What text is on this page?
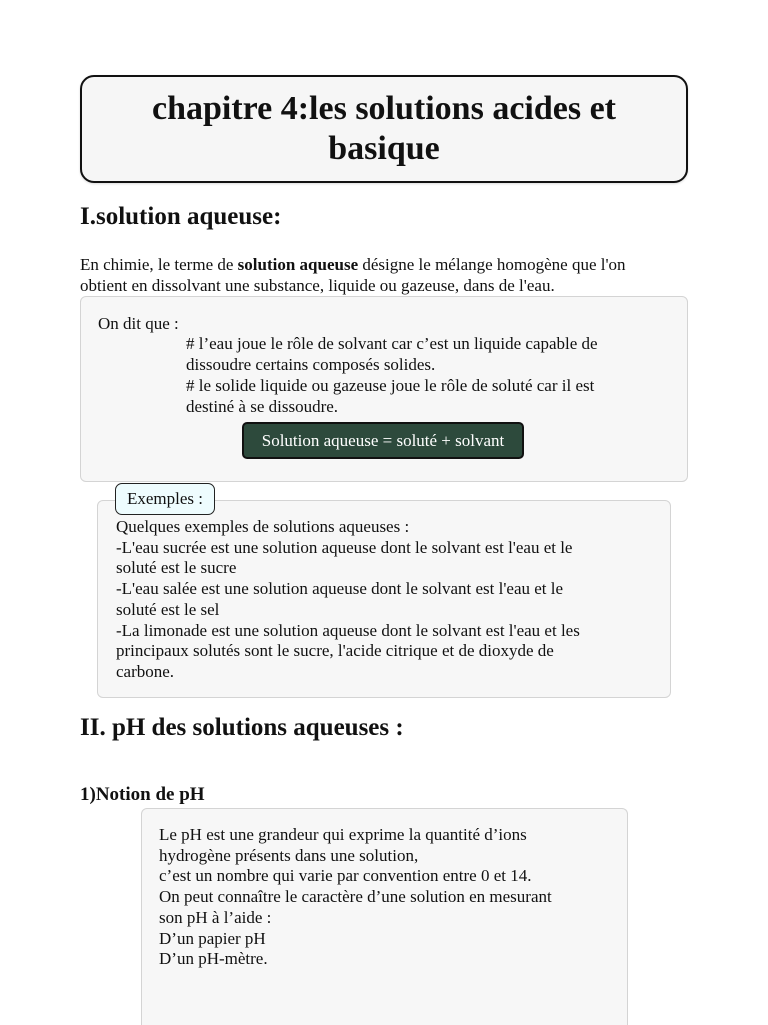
chapitre 4:les solutions acides et basique
I.solution aqueuse:

En chimie, le terme de solution aqueuse désigne le mélange homogène que l'on
obtient en dissolvant une substance, liquide ou gazeuse, dans de l'eau.

On dit que :
# l’eau joue le rôle de solvant car c’est un liquide capable de
dissoudre certains composés solides.
# le solide liquide ou gazeuse joue le rôle de soluté car il est
destiné à se dissoudre.
Solution aqueuse = soluté + solvant
Quelques exemples de solutions aqueuses :
-L'eau sucrée est une solution aqueuse dont le solvant est l'eau et le
soluté est le sucre
-L'eau salée est une solution aqueuse dont le solvant est l'eau et le
soluté est le sel
-La limonade est une solution aqueuse dont le solvant est l'eau et les
principaux solutés sont le sucre, l'acide citrique et de dioxyde de
carbone.
Exemples :
II. pH des solutions aqueuses :
1)Notion de pH
Le pH est une grandeur qui exprime la quantité d’ions
hydrogène présents dans une solution,
c’est un nombre qui varie par convention entre 0 et 14.
On peut connaître le caractère d’une solution en mesurant
son pH à l’aide :
D’un papier pH
D’un pH-mètre.
